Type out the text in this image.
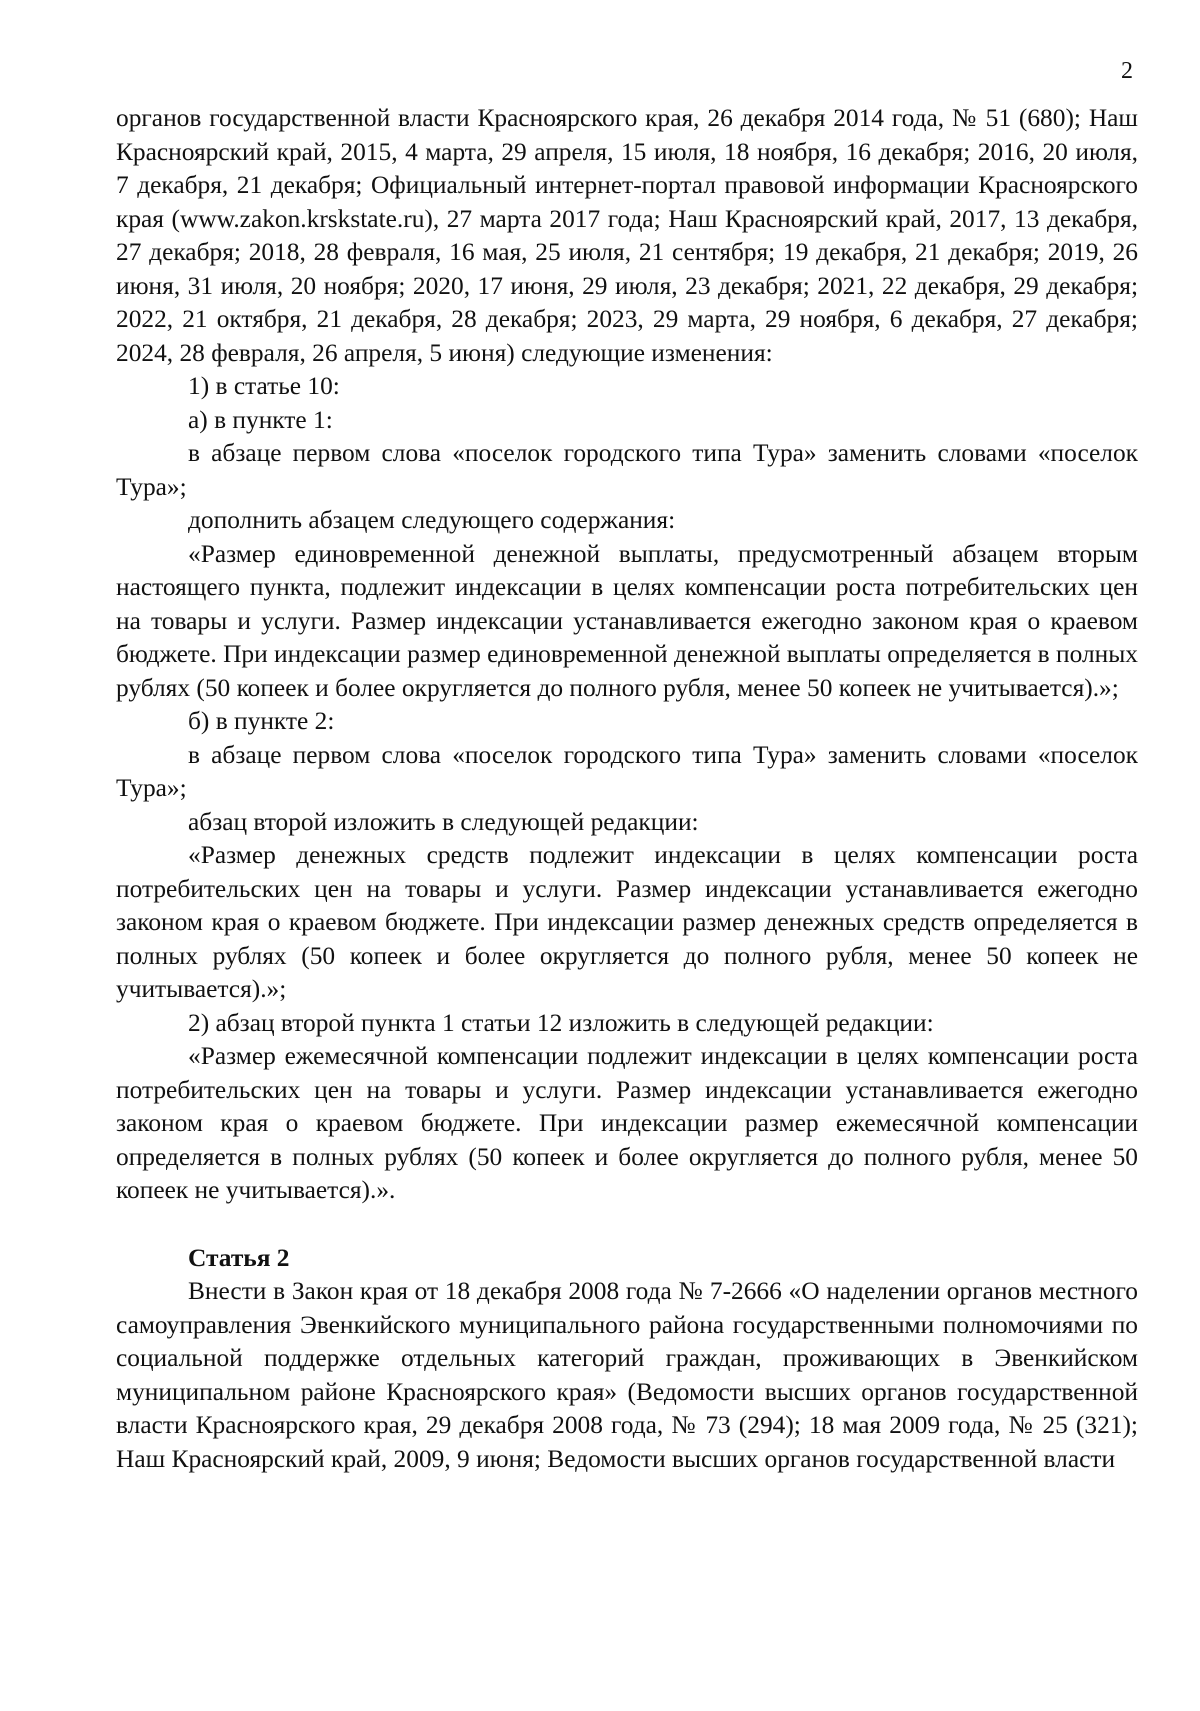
2

органов государственной власти Красноярского края, 26 декабря 2014 года, № 51 (680); Наш Красноярский край, 2015, 4 марта, 29 апреля, 15 июля, 18 ноября, 16 декабря; 2016, 20 июля, 7 декабря, 21 декабря; Официальный интернет-портал правовой информации Красноярского края (www.zakon.krskstate.ru), 27 марта 2017 года; Наш Красноярский край, 2017, 13 декабря, 27 декабря; 2018, 28 февраля, 16 мая, 25 июля, 21 сентября; 19 декабря, 21 декабря; 2019, 26 июня, 31 июля, 20 ноября; 2020, 17 июня, 29 июля, 23 декабря; 2021, 22 декабря, 29 декабря; 2022, 21 октября, 21 декабря, 28 декабря; 2023, 29 марта, 29 ноября, 6 декабря, 27 декабря; 2024, 28 февраля, 26 апреля, 5 июня) следующие изменения:

1) в статье 10:

а) в пункте 1:

в абзаце первом слова «поселок городского типа Тура» заменить словами «поселок Тура»;

дополнить абзацем следующего содержания:

«Размер единовременной денежной выплаты, предусмотренный абзацем вторым настоящего пункта, подлежит индексации в целях компенсации роста потребительских цен на товары и услуги. Размер индексации устанавливается ежегодно законом края о краевом бюджете. При индексации размер единовременной денежной выплаты определяется в полных рублях (50 копеек и более округляется до полного рубля, менее 50 копеек не учитывается).»;

б) в пункте 2:

в абзаце первом слова «поселок городского типа Тура» заменить словами «поселок Тура»;

абзац второй изложить в следующей редакции:

«Размер денежных средств подлежит индексации в целях компенсации роста потребительских цен на товары и услуги. Размер индексации устанавливается ежегодно законом края о краевом бюджете. При индексации размер денежных средств определяется в полных рублях (50 копеек и более округляется до полного рубля, менее 50 копеек не учитывается).»;

2) абзац второй пункта 1 статьи 12 изложить в следующей редакции:

«Размер ежемесячной компенсации подлежит индексации в целях компенсации роста потребительских цен на товары и услуги. Размер индексации устанавливается ежегодно законом края о краевом бюджете. При индексации размер ежемесячной компенсации определяется в полных рублях (50 копеек и более округляется до полного рубля, менее 50 копеек не учитывается).».

Статья 2

Внести в Закон края от 18 декабря 2008 года № 7-2666 «О наделении органов местного самоуправления Эвенкийского муниципального района государственными полномочиями по социальной поддержке отдельных категорий граждан, проживающих в Эвенкийском муниципальном районе Красноярского края» (Ведомости высших органов государственной власти Красноярского края, 29 декабря 2008 года, № 73 (294); 18 мая 2009 года, № 25 (321); Наш Красноярский край, 2009, 9 июня; Ведомости высших органов государственной власти
